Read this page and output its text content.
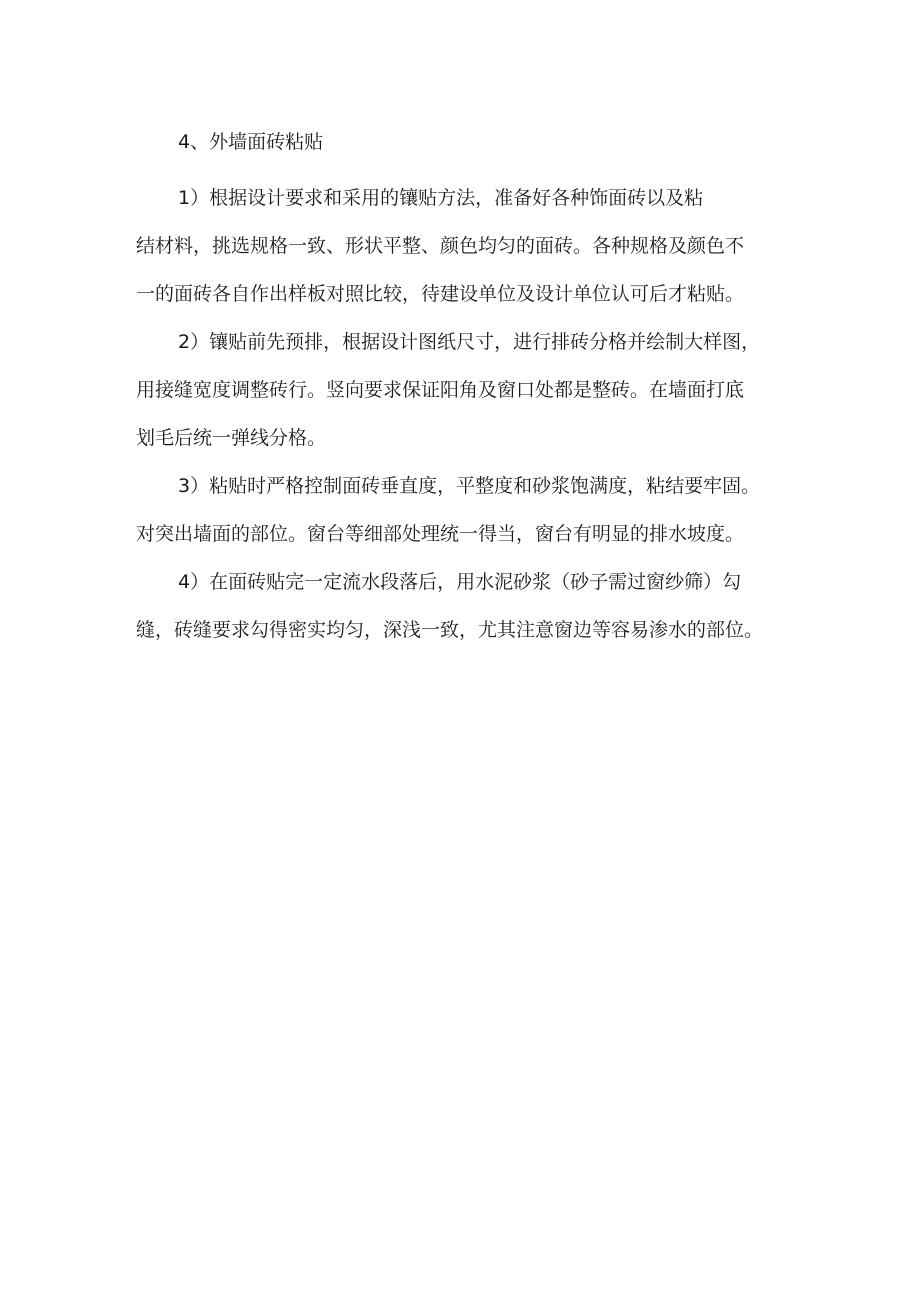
4、外墙面砖粘贴
1）根据设计要求和采用的镶贴方法，准备好各种饰面砖以及粘
结材料，挑选规格一致、形状平整、颜色均匀的面砖。各种规格及颜色不
一的面砖各自作出样板对照比较，待建设单位及设计单位认可后才粘贴。
2）镶贴前先预排，根据设计图纸尺寸，进行排砖分格并绘制大样图，
用接缝宽度调整砖行。竖向要求保证阳角及窗口处都是整砖。在墙面打底
划毛后统一弹线分格。
3）粘贴时严格控制面砖垂直度，平整度和砂浆饱满度，粘结要牢固。
对突出墙面的部位。窗台等细部处理统一得当，窗台有明显的排水坡度。
4）在面砖贴完一定流水段落后，用水泥砂浆（砂子需过窗纱筛）勾
缝，砖缝要求勾得密实均匀，深浅一致，尤其注意窗边等容易渗水的部位。
